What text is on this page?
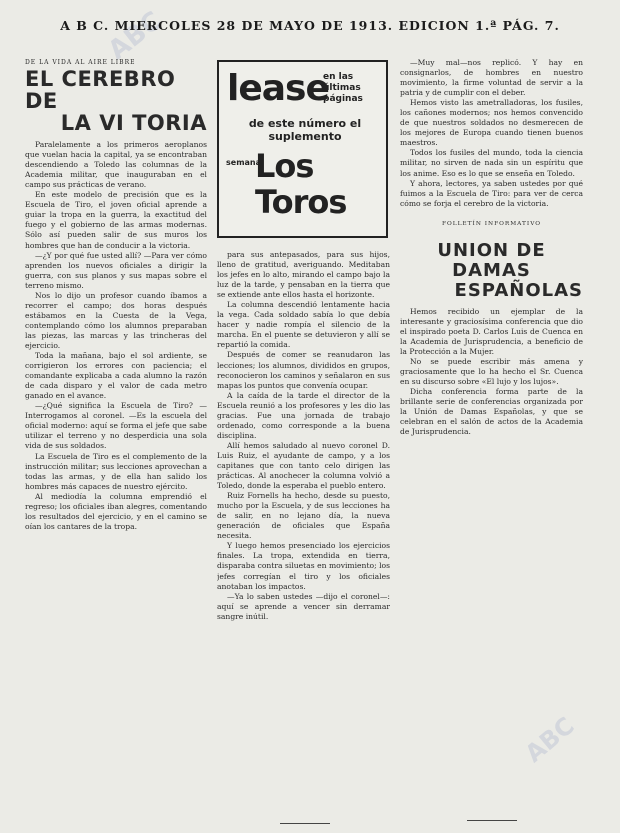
ABC
ABC
A B C. MIERCOLES 28 DE MAYO DE 1913. EDICION 1.ª PÁG. 7.

DE LA VIDA AL AIRE LIBRE

EL CEREBRO DE
LA VI TORIA

Paralelamente a los primeros aeroplanos que vuelan hacia la capital, ya se encontraban descendiendo a Toledo las columnas de la Academia militar, que inauguraban en el campo sus prácticas de verano.

En este modelo de precisión que es la Escuela de Tiro, el joven oficial aprende a guiar la tropa en la guerra, la exactitud del fuego y el gobierno de las armas modernas. Sólo así pueden salir de sus muros los hombres que han de conducir a la victoria.

—¿Y por qué fue usted allí? —Para ver cómo aprenden los nuevos oficiales a dirigir la guerra, con sus planos y sus mapas sobre el terreno mismo.

Nos lo dijo un profesor cuando íbamos a recorrer el campo; dos horas después estábamos en la Cuesta de la Vega, contemplando cómo los alumnos preparaban las piezas, las marcas y las trincheras del ejercicio.

Toda la mañana, bajo el sol ardiente, se corrigieron los errores con paciencia; el comandante explicaba a cada alumno la razón de cada disparo y el valor de cada metro ganado en el avance.

—¿Qué significa la Escuela de Tiro? —Interrogamos al coronel. —Es la escuela del oficial moderno: aquí se forma el jefe que sabe utilizar el terreno y no desperdicia una sola vida de sus soldados.

La Escuela de Tiro es el complemento de la instrucción militar; sus lecciones aprovechan a todas las armas, y de ella han salido los hombres más capaces de nuestro ejército.

Al mediodía la columna emprendió el regreso; los oficiales iban alegres, comentando los resultados del ejercicio, y en el camino se oían los cantares de la tropa.

lease
en las últimas páginas
de este número el suplemento
semanal
Los Toros

para sus antepasados, para sus hijos, lleno de gratitud, averiguando. Meditaban los jefes en lo alto, mirando el campo bajo la luz de la tarde, y pensaban en la tierra que se extiende ante ellos hasta el horizonte.

La columna descendió lentamente hacia la vega. Cada soldado sabía lo que debía hacer y nadie rompía el silencio de la marcha. En el puente se detuvieron y allí se repartió la comida.

Después de comer se reanudaron las lecciones; los alumnos, divididos en grupos, reconocieron los caminos y señalaron en sus mapas los puntos que convenía ocupar.

A la caída de la tarde el director de la Escuela reunió a los profesores y les dio las gracias. Fue una jornada de trabajo ordenado, como corresponde a la buena disciplina.

Allí hemos saludado al nuevo coronel D. Luis Ruiz, el ayudante de campo, y a los capitanes que con tanto celo dirigen las prácticas. Al anochecer la columna volvió a Toledo, donde la esperaba el pueblo entero.

Ruiz Fornells ha hecho, desde su puesto, mucho por la Escuela, y de sus lecciones ha de salir, en no lejano día, la nueva generación de oficiales que España necesita.

Y luego hemos presenciado los ejercicios finales. La tropa, extendida en tierra, disparaba contra siluetas en movimiento; los jefes corregían el tiro y los oficiales anotaban los impactos.

—Ya lo saben ustedes —dijo el coronel—: aquí se aprende a vencer sin derramar sangre inútil.

—Muy mal—nos replicó. Y hay en consignarlos, de hombres en nuestro movimiento, la firme voluntad de servir a la patria y de cumplir con el deber.

Hemos visto las ametralladoras, los fusiles, los cañones modernos; nos hemos convencido de que nuestros soldados no desmerecen de los mejores de Europa cuando tienen buenos maestros.

Todos los fusiles del mundo, toda la ciencia militar, no sirven de nada sin un espíritu que los anime. Eso es lo que se enseña en Toledo.

Y ahora, lectores, ya saben ustedes por qué fuimos a la Escuela de Tiro: para ver de cerca cómo se forja el cerebro de la victoria.

FOLLETÍN INFORMATIVO

UNION DE DAMAS
ESPAÑOLAS

Hemos recibido un ejemplar de la interesante y graciosísima conferencia que dio el inspirado poeta D. Carlos Luis de Cuenca en la Academia de Jurisprudencia, a beneficio de la Protección a la Mujer.

No se puede escribir más amena y graciosamente que lo ha hecho el Sr. Cuenca en su discurso sobre «El lujo y los lujos».

Dicha conferencia forma parte de la brillante serie de conferencias organizada por la Unión de Damas Españolas, y que se celebran en el salón de actos de la Academia de Jurisprudencia.
